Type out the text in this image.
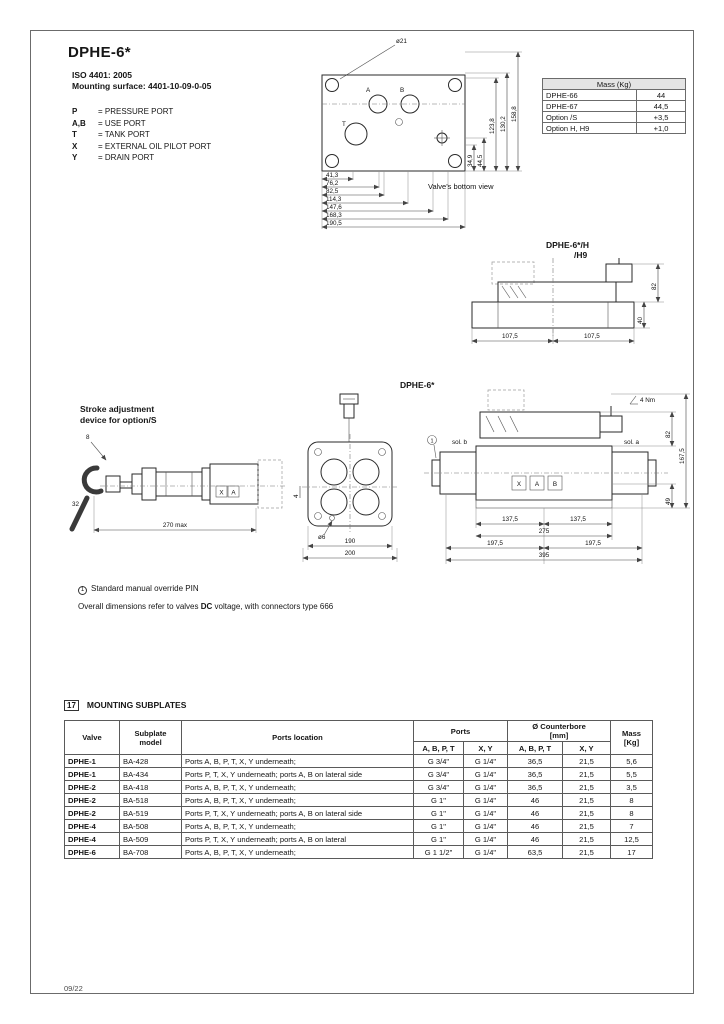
DPHE-6*
ISO 4401: 2005
Mounting surface: 4401-10-09-0-05
P	= PRESSURE PORT
A,B = USE PORT
T	= TANK PORT
X	= EXTERNAL OIL PILOT PORT
Y	= DRAIN PORT
ø21
A	B
T
41,3
76,2
82,5
114,3
147,6
168,3
190,5
34,9 44,5
123,8 130,2
158,8
Valve's bottom view
Mass (Kg)	
DPHE-66	44
DPHE-67	44,5
Option /S	+3,5
Option H, H9	+1,0
DPHE-6*/H
/H9
107,5	107,5
82
40
DPHE-6*
Stroke adjustment
device for option/S
8
32
X A
270 max
4
ø6
190
200
4 Nm
sol. b	sol. a
1
X A B
137,5	137,5
275
197,5	197,5
395
82
167,5
49
1 Standard manual override PIN
Overall dimensions refer to valves DC voltage, with connectors type 666
17 MOUNTING SUBPLATES
Valve	Subplate
model	Ports location	Ports	Ø Counterbore
[mm]	Mass
[Kg]

			A, B, P, T	X, Y	A, B, P, T	X, Y	
DPHE-1	BA-428	Ports A, B, P, T, X, Y underneath;	G 3/4"	G 1/4"	36,5	21,5	5,6
DPHE-1	BA-434	Ports P, T, X, Y underneath; ports A, B on lateral side	G 3/4"	G 1/4"	36,5	21,5	5,5
DPHE-2	BA-418	Ports A, B, P, T, X, Y underneath;	G 3/4"	G 1/4"	36,5	21,5	3,5
DPHE-2	BA-518	Ports A, B, P, T, X, Y underneath;	G 1"	G 1/4"	46	21,5	8
DPHE-2	BA-519	Ports P, T, X, Y underneath; ports A, B on lateral side	G 1"	G 1/4"	46	21,5	8
DPHE-4	BA-508	Ports A, B, P, T, X, Y underneath;	G 1"	G 1/4"	46	21,5	7
DPHE-4	BA-509	Ports P, T, X, Y underneath; ports A, B on lateral	G 1"	G 1/4"	46	21,5	12,5
DPHE-6	BA-708	Ports A, B, P, T, X, Y underneath;	G 1 1/2"	G 1/4"	63,5	21,5	17
09/22
